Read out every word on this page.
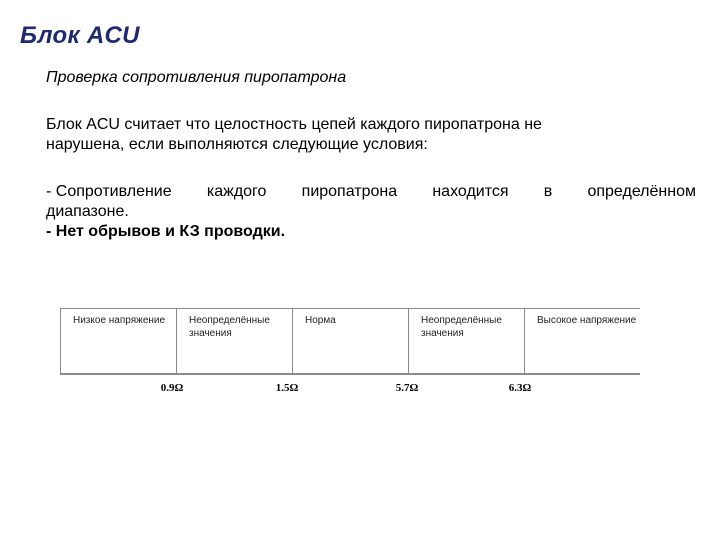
Блок ACU
Проверка сопротивления пиропатрона
Блок ACU считает что целостность цепей каждого пиропатрона не
нарушена, если выполняются следующие условия:
- Сопротивление каждого пиропатрона находится в определённом
диапазоне.
- Нет обрывов и КЗ проводки.
Низкое напряжение	Неопределённые значения
Норма	Неопределённые значения
Высокое напряжение
0.9Ω	1.5Ω	5.7Ω	6.3Ω
